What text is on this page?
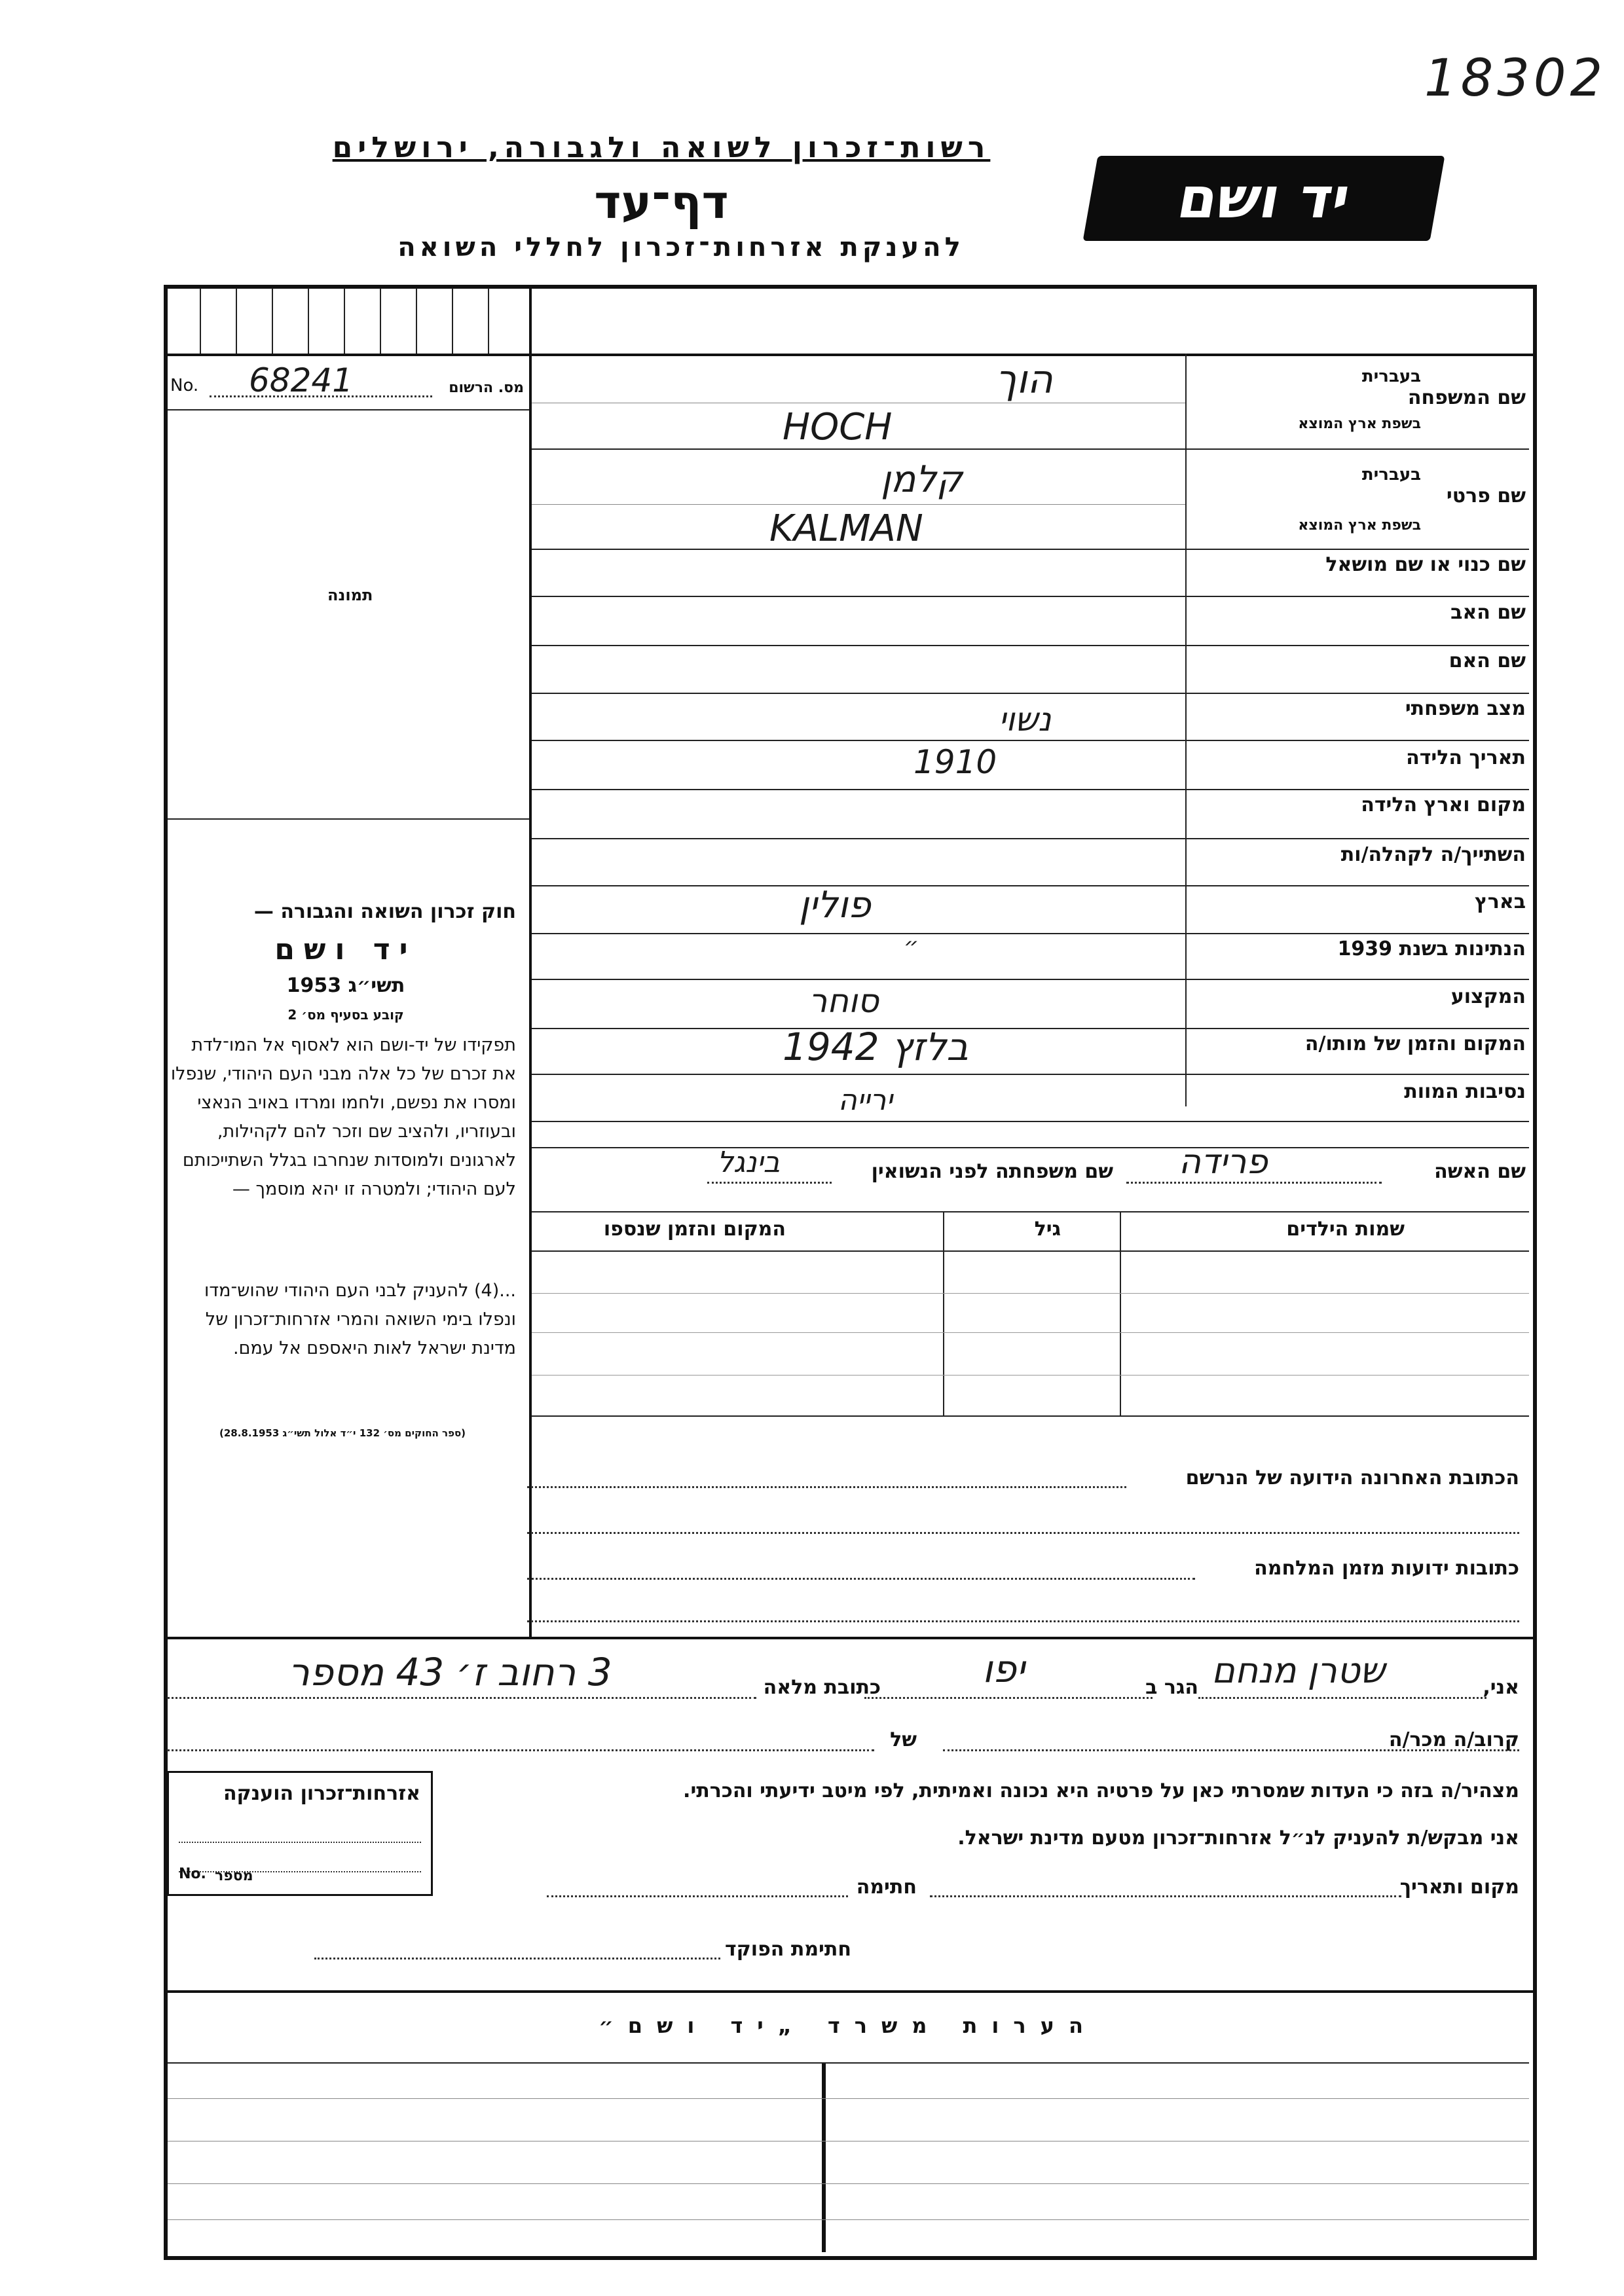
18302
יד ושם
רשות־זכרון לשואה ולגבורה, ירושלים
דף־עד
להענקת אזרחות־זכרון לחללי השואה
מס. הרשום
No. 68241
תמונה
שם המשפחה
בעברית
בשפת ארץ המוצא
הוך
HOCH
שם פרטי
בעברית
בשפת ארץ המוצא
קלמן
KALMAN
שם כנוי או שם מושאל
שם האב
שם האם
מצב משפחתי
נשוי
תאריך הלידה
1910
מקום וארץ הלידה
השתייך/ה לקהלה/ות
בארץ
פולין
הנתינות בשנת 1939
״
המקצוע
סוחר
המקום והזמן של מותו/ה
בלזץ 1942
נסיבות המוות
ירייה
שם האשה
פרידה
שם משפחתה לפני הנשואין
בינגל
שמות הילדים
גיל
המקום והזמן שנספו
חוק זכרון השואה והגבורה —
יד ושם
תשי״ג 1953
קובע בסעיף מס׳ 2
תפקידו של יד-ושם הוא לאסוף אל המו־לדת את זכרם של כל אלה מבני העם היהודי, שנפלו ומסרו את נפשם, ולחמו ומרדו באויב הנאצי ובעוזריו, ולהציב שם וזכר להם לקהילות, לארגונים ולמוסדות שנחרבו בגלל השתייכותם לעם היהודי; ולמטרה זו יהא מוסמך —
...(4) להעניק לבני העם היהודי שהוש־מדו ונפלו בימי השואה והמרי אזרחות־זכרון של מדינת ישראל לאות היאספם אל עמם.
(ספר החוקים מס׳ 132 י״ד אלול תשי״ג 28.8.1953)
הכתובת האחרונה הידועה של הנרשם
כתובות ידועות מזמן המלחמה
אני,
שטרן מנחם
הגר ב
יפו
כתובת מלאה
3 רחוב ז׳ 43 מספר
קרוב/ה מכר/ה
של
מצהיר/ה בזה כי העדות שמסרתי כאן על פרטיה היא נכונה ואמיתית, לפי מיטב ידיעתי והכרתי.
אני מבקש/ת להעניק לנ״ל אזרחות־זכרון מטעם מדינת ישראל.
מקום ותאריך
חתימה
חתימת הפוקד
אזרחות־זכרון הוענקה
מספר
No.
הערות משרד „יד ושם״
